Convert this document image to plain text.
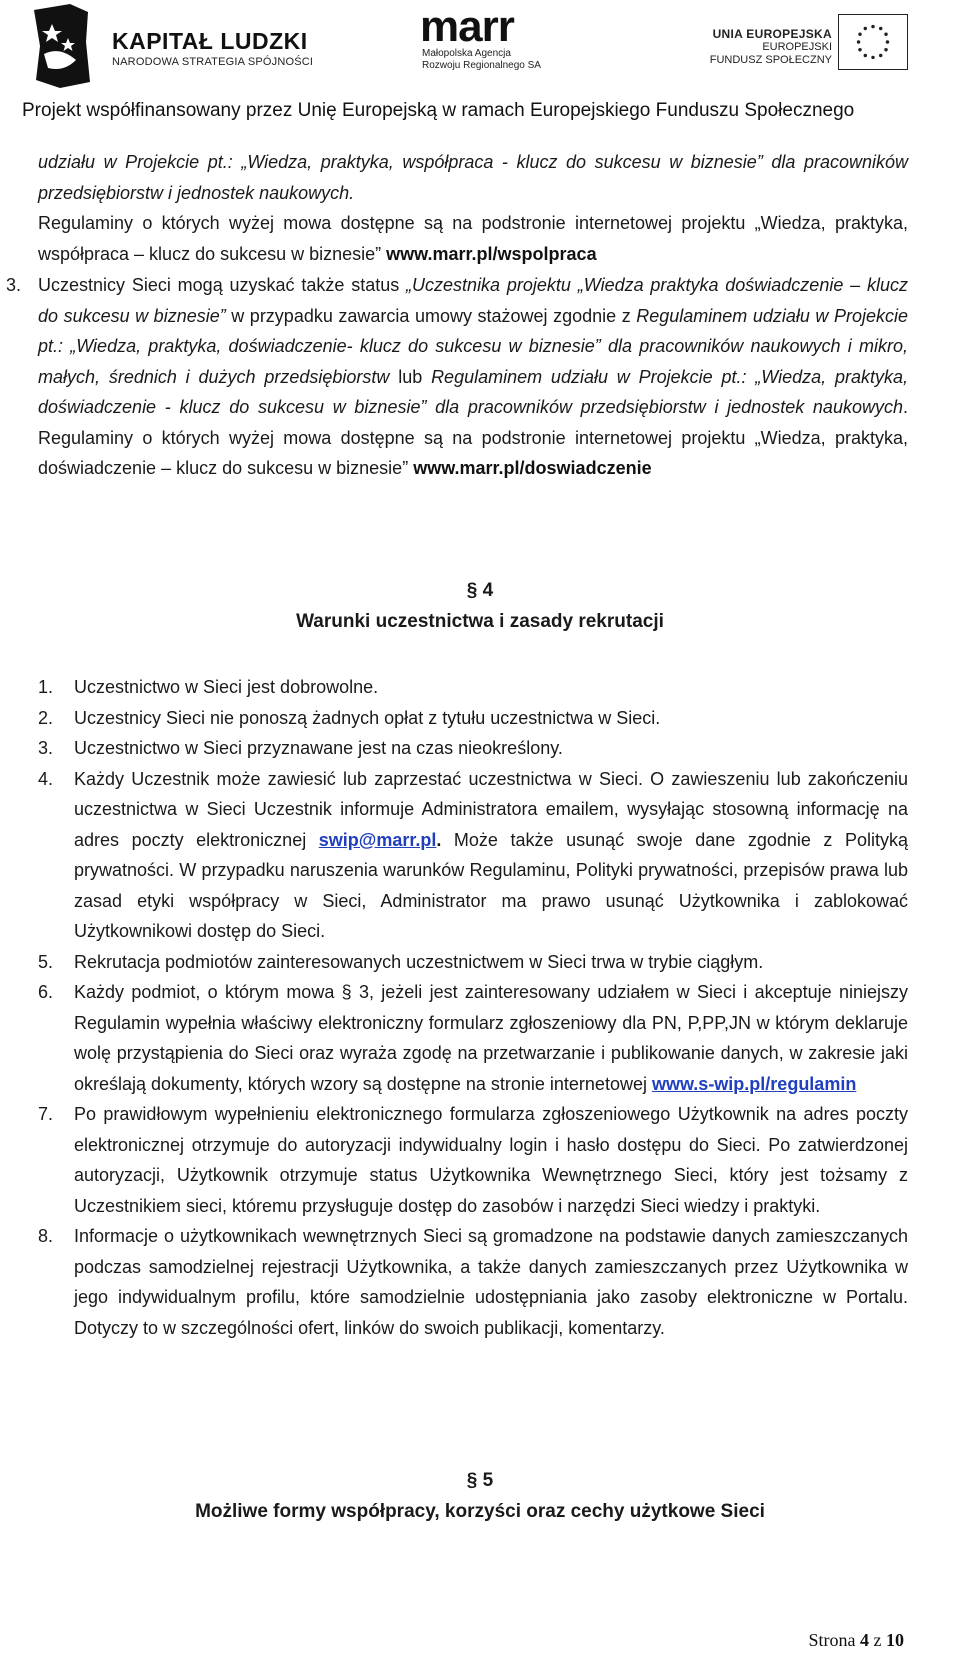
KAPITAŁ LUDZKI
NARODOWA STRATEGIA SPÓJNOŚCI
marr
Małopolska Agencja
Rozwoju Regionalnego SA
UNIA EUROPEJSKA
EUROPEJSKI
FUNDUSZ SPOŁECZNY
Projekt współfinansowany przez Unię Europejską w ramach Europejskiego Funduszu Społecznego
udziału w Projekcie pt.: „Wiedza, praktyka, współpraca - klucz do sukcesu w biznesie” dla pracowników przedsiębiorstw i jednostek naukowych.
Regulaminy o których wyżej mowa dostępne są na podstronie internetowej projektu „Wiedza, praktyka, współpraca – klucz do sukcesu w biznesie” www.marr.pl/wspolpraca
3. Uczestnicy Sieci mogą uzyskać także status „Uczestnika projektu „Wiedza praktyka doświadczenie – klucz do sukcesu w biznesie” w przypadku zawarcia umowy stażowej zgodnie z Regulaminem udziału w Projekcie pt.: „Wiedza, praktyka, doświadczenie- klucz do sukcesu w biznesie” dla pracowników naukowych i mikro, małych, średnich i dużych przedsiębiorstw lub Regulaminem udziału w Projekcie pt.: „Wiedza, praktyka, doświadczenie - klucz do sukcesu w biznesie” dla pracowników przedsiębiorstw i jednostek naukowych. Regulaminy o których wyżej mowa dostępne są na podstronie internetowej projektu „Wiedza, praktyka, doświadczenie – klucz do sukcesu w biznesie” www.marr.pl/doswiadczenie
§ 4
Warunki uczestnictwa i zasady rekrutacji
1. Uczestnictwo w Sieci jest dobrowolne.
2. Uczestnicy Sieci nie ponoszą żadnych opłat z tytułu uczestnictwa w Sieci.
3. Uczestnictwo w Sieci przyznawane jest na czas nieokreślony.
4. Każdy Uczestnik może zawiesić lub zaprzestać uczestnictwa w Sieci. O zawieszeniu lub zakończeniu uczestnictwa w Sieci Uczestnik informuje Administratora emailem, wysyłając stosowną informację na adres poczty elektronicznej swip@marr.pl. Może także usunąć swoje dane zgodnie z Polityką prywatności. W przypadku naruszenia warunków Regulaminu, Polityki prywatności, przepisów prawa lub zasad etyki współpracy w Sieci, Administrator ma prawo usunąć Użytkownika i zablokować Użytkownikowi dostęp do Sieci.
5. Rekrutacja podmiotów zainteresowanych uczestnictwem w Sieci trwa w trybie ciągłym.
6. Każdy podmiot, o którym mowa § 3, jeżeli jest zainteresowany udziałem w Sieci i akceptuje niniejszy Regulamin wypełnia właściwy elektroniczny formularz zgłoszeniowy dla PN, P,PP,JN w którym deklaruje wolę przystąpienia do Sieci oraz wyraża zgodę na przetwarzanie i publikowanie danych, w zakresie jaki określają dokumenty, których wzory są dostępne na stronie internetowej www.s-wip.pl/regulamin
7. Po prawidłowym wypełnieniu elektronicznego formularza zgłoszeniowego Użytkownik na adres poczty elektronicznej otrzymuje do autoryzacji indywidualny login i hasło dostępu do Sieci. Po zatwierdzonej autoryzacji, Użytkownik otrzymuje status Użytkownika Wewnętrznego Sieci, który jest tożsamy z Uczestnikiem sieci, któremu przysługuje dostęp do zasobów i narzędzi Sieci wiedzy i praktyki.
8. Informacje o użytkownikach wewnętrznych Sieci są gromadzone na podstawie danych zamieszczanych podczas samodzielnej rejestracji Użytkownika, a także danych zamieszczanych przez Użytkownika w jego indywidualnym profilu, które samodzielnie udostępniania jako zasoby elektroniczne w Portalu. Dotyczy to w szczególności ofert, linków do swoich publikacji, komentarzy.
§ 5
Możliwe formy współpracy, korzyści oraz cechy użytkowe Sieci
Strona 4 z 10
